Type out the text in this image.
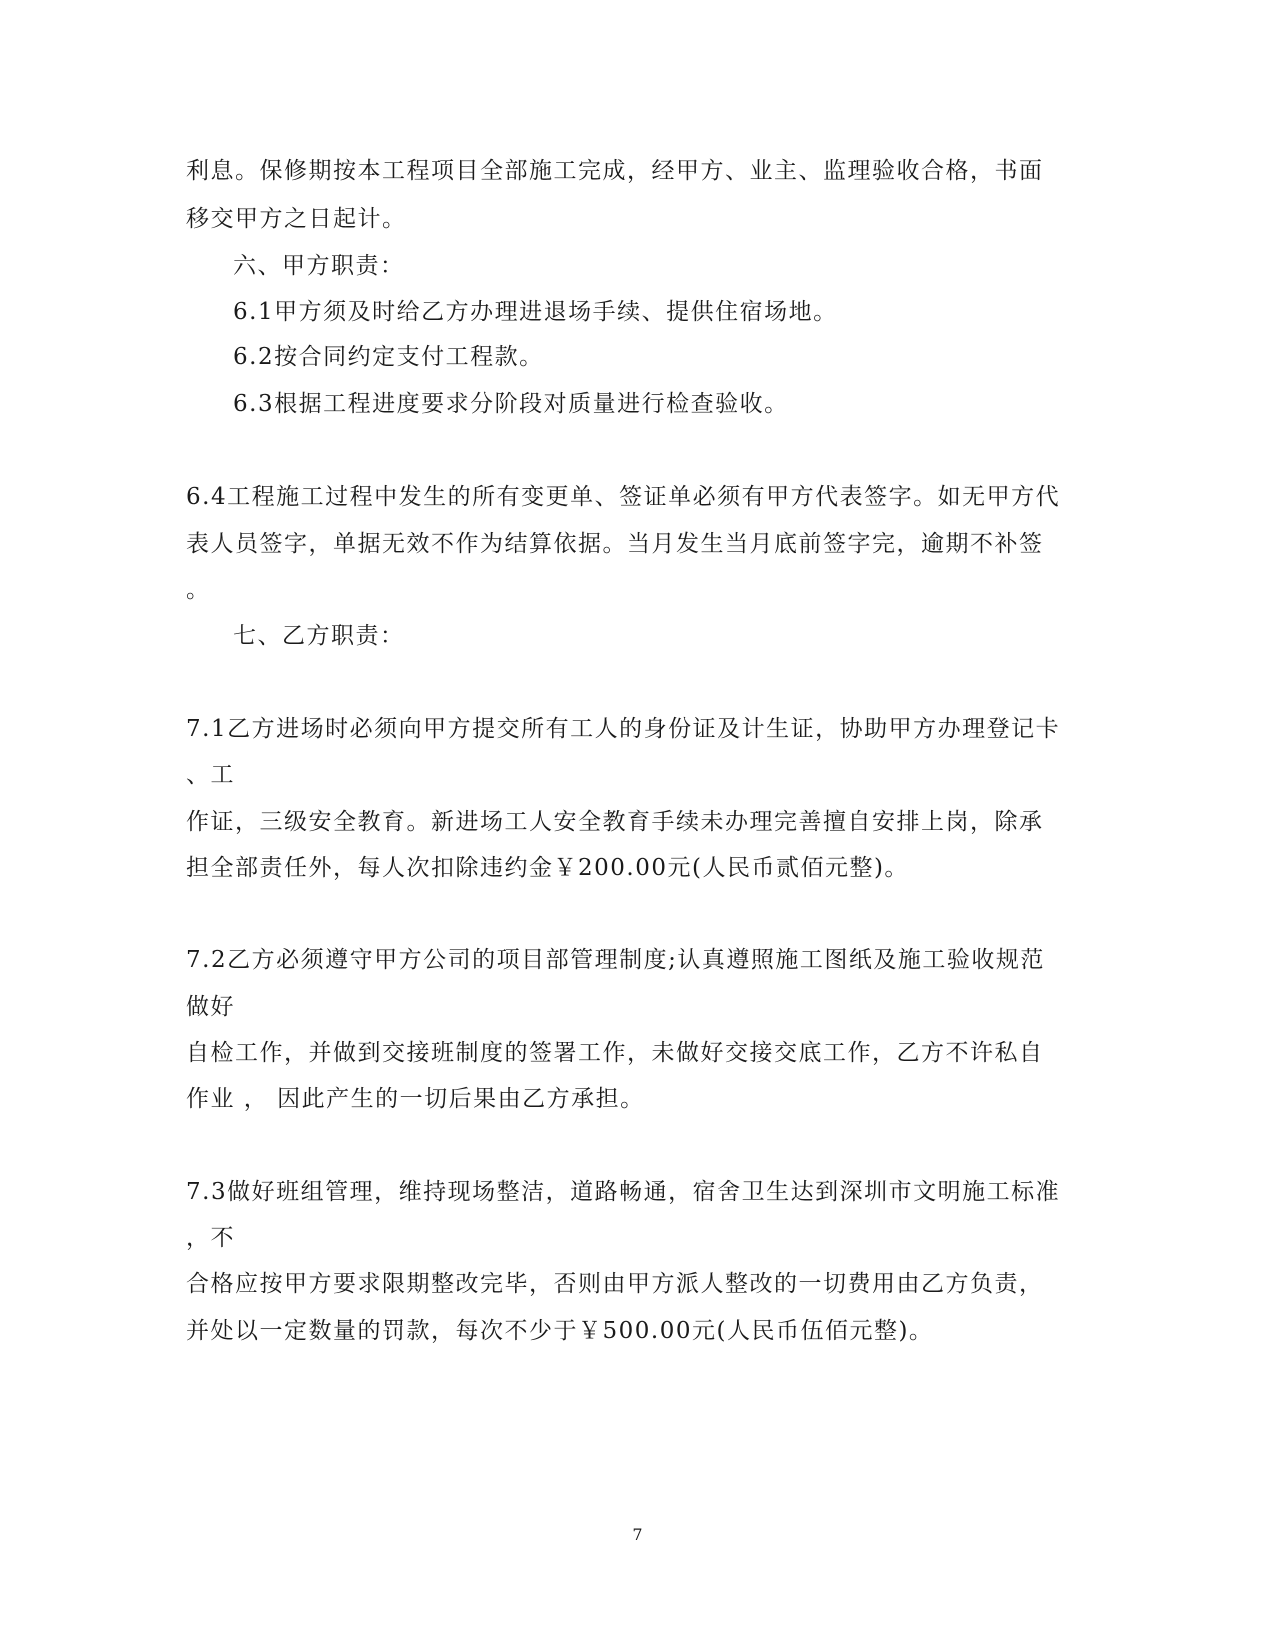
利息。保修期按本工程项目全部施工完成，经甲方、业主、监理验收合格，书面
移交甲方之日起计。
六、甲方职责：
6.1甲方须及时给乙方办理进退场手续、提供住宿场地。
6.2按合同约定支付工程款。
6.3根据工程进度要求分阶段对质量进行检查验收。
6.4工程施工过程中发生的所有变更单、签证单必须有甲方代表签字。如无甲方代
表人员签字，单据无效不作为结算依据。当月发生当月底前签字完，逾期不补签
。
七、乙方职责：
7.1乙方进场时必须向甲方提交所有工人的身份证及计生证，协助甲方办理登记卡
、工
作证，三级安全教育。新进场工人安全教育手续未办理完善擅自安排上岗，除承
担全部责任外，每人次扣除违约金￥200.00元(人民币贰佰元整)。
7.2乙方必须遵守甲方公司的项目部管理制度;认真遵照施工图纸及施工验收规范
做好
自检工作，并做到交接班制度的签署工作，未做好交接交底工作，乙方不许私自
作业 ， 因此产生的一切后果由乙方承担。
7.3做好班组管理，维持现场整洁，道路畅通，宿舍卫生达到深圳市文明施工标准
，不
合格应按甲方要求限期整改完毕，否则由甲方派人整改的一切费用由乙方负责，
并处以一定数量的罚款，每次不少于￥500.00元(人民币伍佰元整)。
7
